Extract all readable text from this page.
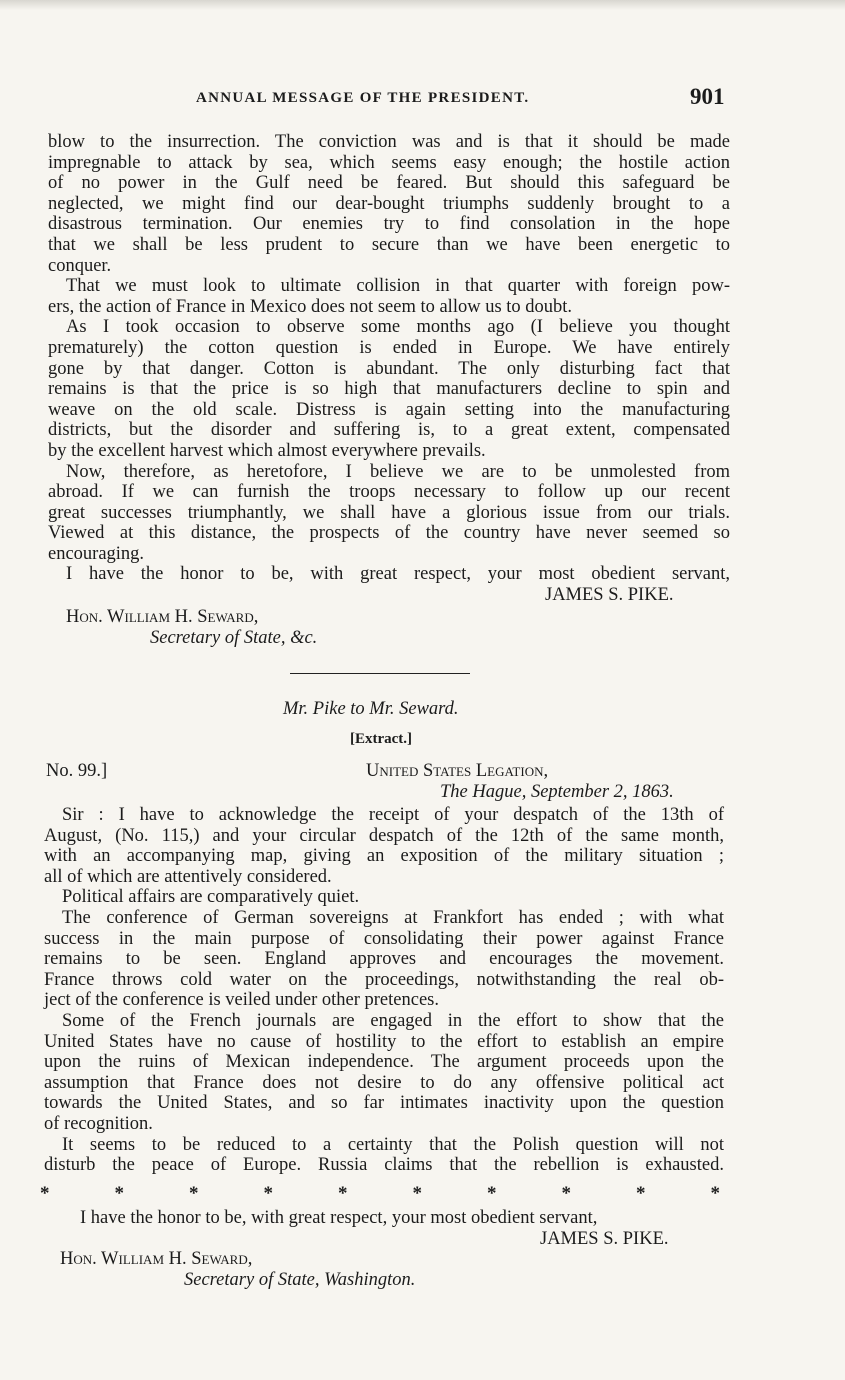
ANNUAL MESSAGE OF THE PRESIDENT.	901
blow to the insurrection. The conviction was and is that it should be made
impregnable to attack by sea, which seems easy enough; the hostile action
of no power in the Gulf need be feared. But should this safeguard be
neglected, we might find our dear-bought triumphs suddenly brought to a
disastrous termination. Our enemies try to find consolation in the hope
that we shall be less prudent to secure than we have been energetic to
conquer.
That we must look to ultimate collision in that quarter with foreign pow-
ers, the action of France in Mexico does not seem to allow us to doubt.
As I took occasion to observe some months ago (I believe you thought
prematurely) the cotton question is ended in Europe. We have entirely
gone by that danger. Cotton is abundant. The only disturbing fact that
remains is that the price is so high that manufacturers decline to spin and
weave on the old scale. Distress is again setting into the manufacturing
districts, but the disorder and suffering is, to a great extent, compensated
by the excellent harvest which almost everywhere prevails.
Now, therefore, as heretofore, I believe we are to be unmolested from
abroad. If we can furnish the troops necessary to follow up our recent
great successes triumphantly, we shall have a glorious issue from our trials.
Viewed at this distance, the prospects of the country have never seemed so
encouraging.
I have the honor to be, with great respect, your most obedient servant,
JAMES S. PIKE.
Hon. William H. Seward,
Secretary of State, &c.
Mr. Pike to Mr. Seward.
[Extract.]
No. 99.]	United States Legation,
The Hague, September 2, 1863.
Sir : I have to acknowledge the receipt of your despatch of the 13th of
August, (No. 115,) and your circular despatch of the 12th of the same month,
with an accompanying map, giving an exposition of the military situation ;
all of which are attentively considered.
Political affairs are comparatively quiet.
The conference of German sovereigns at Frankfort has ended ; with what
success in the main purpose of consolidating their power against France
remains to be seen. England approves and encourages the movement.
France throws cold water on the proceedings, notwithstanding the real ob-
ject of the conference is veiled under other pretences.
Some of the French journals are engaged in the effort to show that the
United States have no cause of hostility to the effort to establish an empire
upon the ruins of Mexican independence. The argument proceeds upon the
assumption that France does not desire to do any offensive political act
towards the United States, and so far intimates inactivity upon the question
of recognition.
It seems to be reduced to a certainty that the Polish question will not
disturb the peace of Europe. Russia claims that the rebellion is exhausted.
*	*	*	*	*	*	*	*	*	*
I have the honor to be, with great respect, your most obedient servant,
JAMES S. PIKE.
Hon. William H. Seward,
Secretary of State, Washington.
